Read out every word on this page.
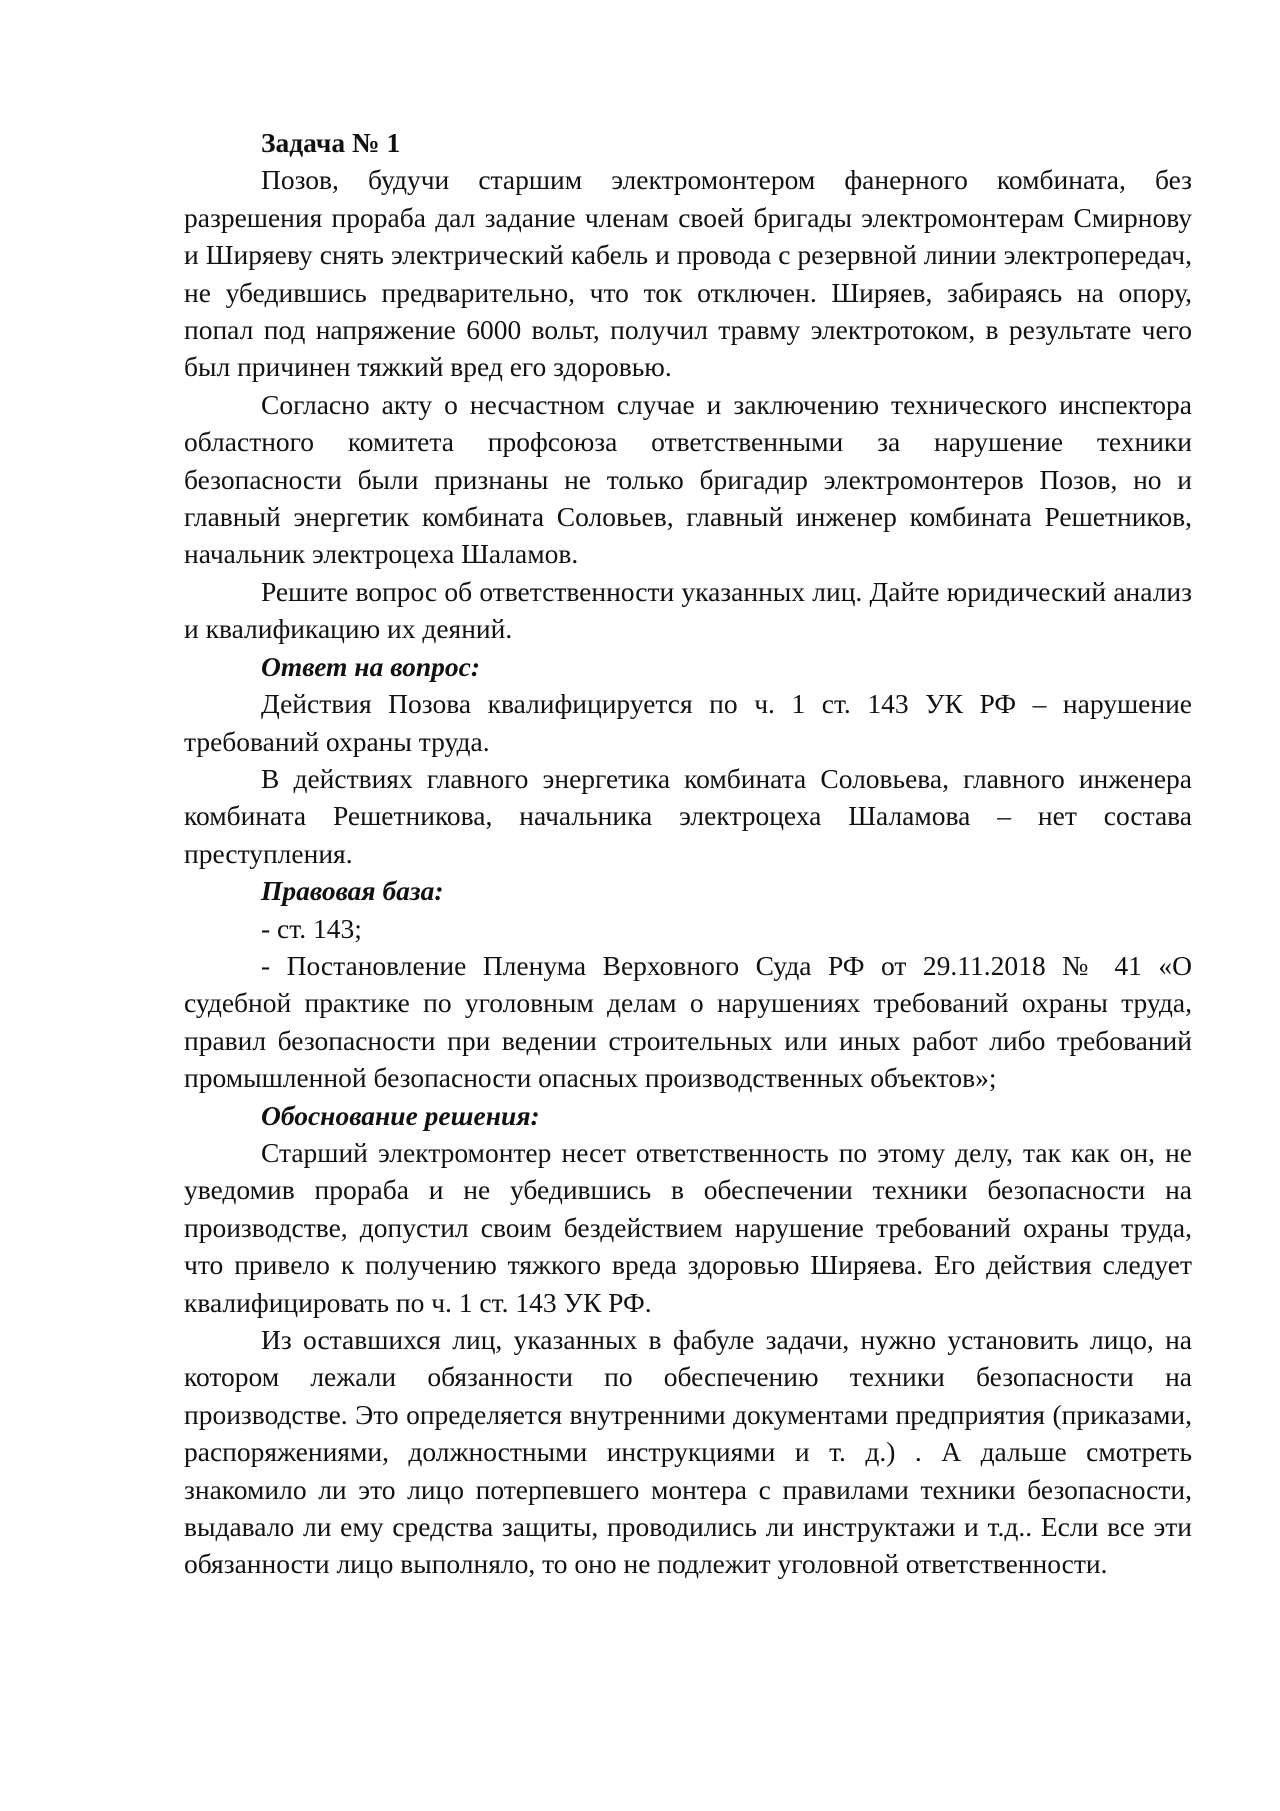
Задача № 1

Позов, будучи старшим электромонтером фанерного комбината, без разрешения прораба дал задание членам своей бригады электромонтерам Смирнову и Ширяеву снять электрический кабель и провода с резервной линии электропередач, не убедившись предварительно, что ток отключен. Ширяев, забираясь на опору, попал под напряжение 6000 вольт, получил травму электротоком, в результате чего был причинен тяжкий вред его здоровью.

Согласно акту о несчастном случае и заключению технического инспектора областного комитета профсоюза ответственными за нарушение техники безопасности были признаны не только бригадир электромонтеров Позов, но и главный энергетик комбината Соловьев, главный инженер комбината Решетников, начальник электроцеха Шаламов.

Решите вопрос об ответственности указанных лиц. Дайте юридический анализ и квалификацию их деяний.

Ответ на вопрос:

Действия Позова квалифицируется по ч. 1 ст. 143 УК РФ – нарушение требований охраны труда.

В действиях главного энергетика комбината Соловьева, главного инженера комбината Решетникова, начальника электроцеха Шаламова – нет состава преступления.

Правовая база:

- ст. 143;

- Постановление Пленума Верховного Суда РФ от 29.11.2018 № 41 «О судебной практике по уголовным делам о нарушениях требований охраны труда, правил безопасности при ведении строительных или иных работ либо требований промышленной безопасности опасных производственных объектов»;

Обоснование решения:

Старший электромонтер несет ответственность по этому делу, так как он, не уведомив прораба и не убедившись в обеспечении техники безопасности на производстве, допустил своим бездействием нарушение требований охраны труда, что привело к получению тяжкого вреда здоровью Ширяева. Его действия следует квалифицировать по ч. 1 ст. 143 УК РФ.

Из оставшихся лиц, указанных в фабуле задачи, нужно установить лицо, на котором лежали обязанности по обеспечению техники безопасности на производстве. Это определяется внутренними документами предприятия (приказами, распоряжениями, должностными инструкциями и т. д.) . А дальше смотреть знакомило ли это лицо потерпевшего монтера с правилами техники безопасности, выдавало ли ему средства защиты, проводились ли инструктажи и т.д.. Если все эти обязанности лицо выполняло, то оно не подлежит уголовной ответственности.
